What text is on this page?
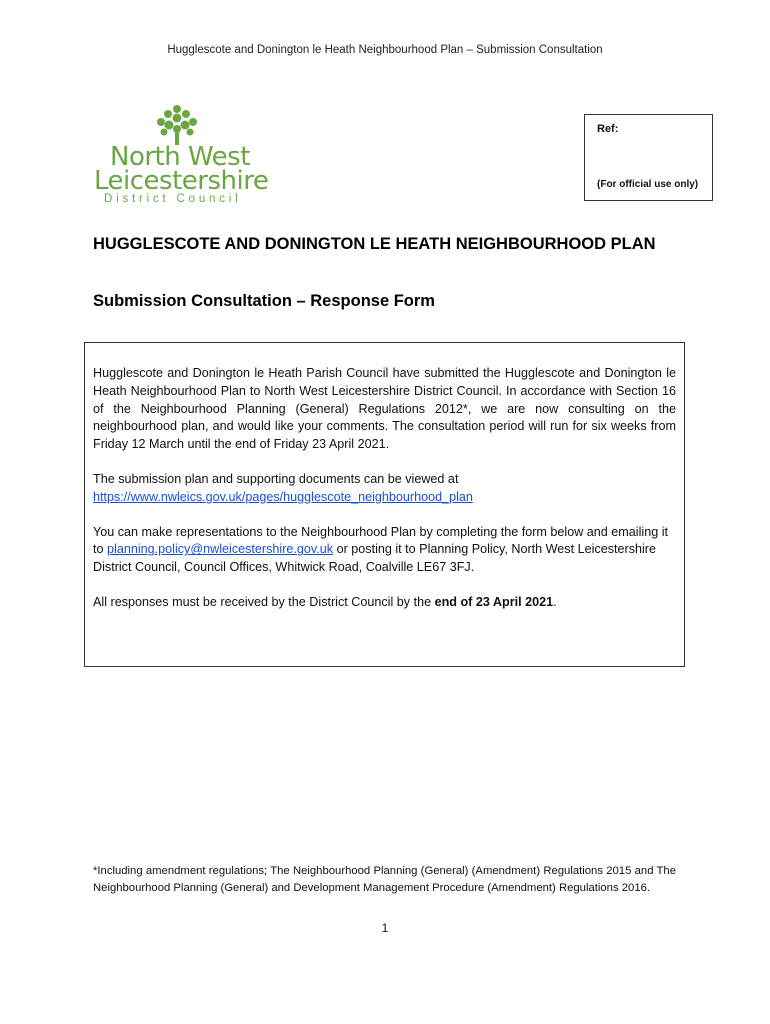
Hugglescote and Donington le Heath Neighbourhood Plan – Submission Consultation
North West
Leicestershire
District Council
Ref:
(For official use only)
HUGGLESCOTE AND DONINGTON LE HEATH NEIGHBOURHOOD PLAN
Submission Consultation – Response Form

Hugglescote and Donington le Heath Parish Council have submitted the Hugglescote and Donington le Heath Neighbourhood Plan to North West Leicestershire District Council. In accordance with Section 16 of the Neighbourhood Planning (General) Regulations 2012*, we are now consulting on the neighbourhood plan, and would like your comments. The consultation period will run for six weeks from Friday 12 March until the end of Friday 23 April 2021.

The submission plan and supporting documents can be viewed at
https://www.nwleics.gov.uk/pages/hugglescote_neighbourhood_plan

You can make representations to the Neighbourhood Plan by completing the form below and emailing it to planning.policy@nwleicestershire.gov.uk or posting it to Planning Policy, North West Leicestershire District Council, Council Offices, Whitwick Road, Coalville LE67 3FJ.

All responses must be received by the District Council by the end of 23 April 2021.

*Including amendment regulations; The Neighbourhood Planning (General) (Amendment) Regulations 2015 and The Neighbourhood Planning (General) and Development Management Procedure (Amendment) Regulations 2016.
1
